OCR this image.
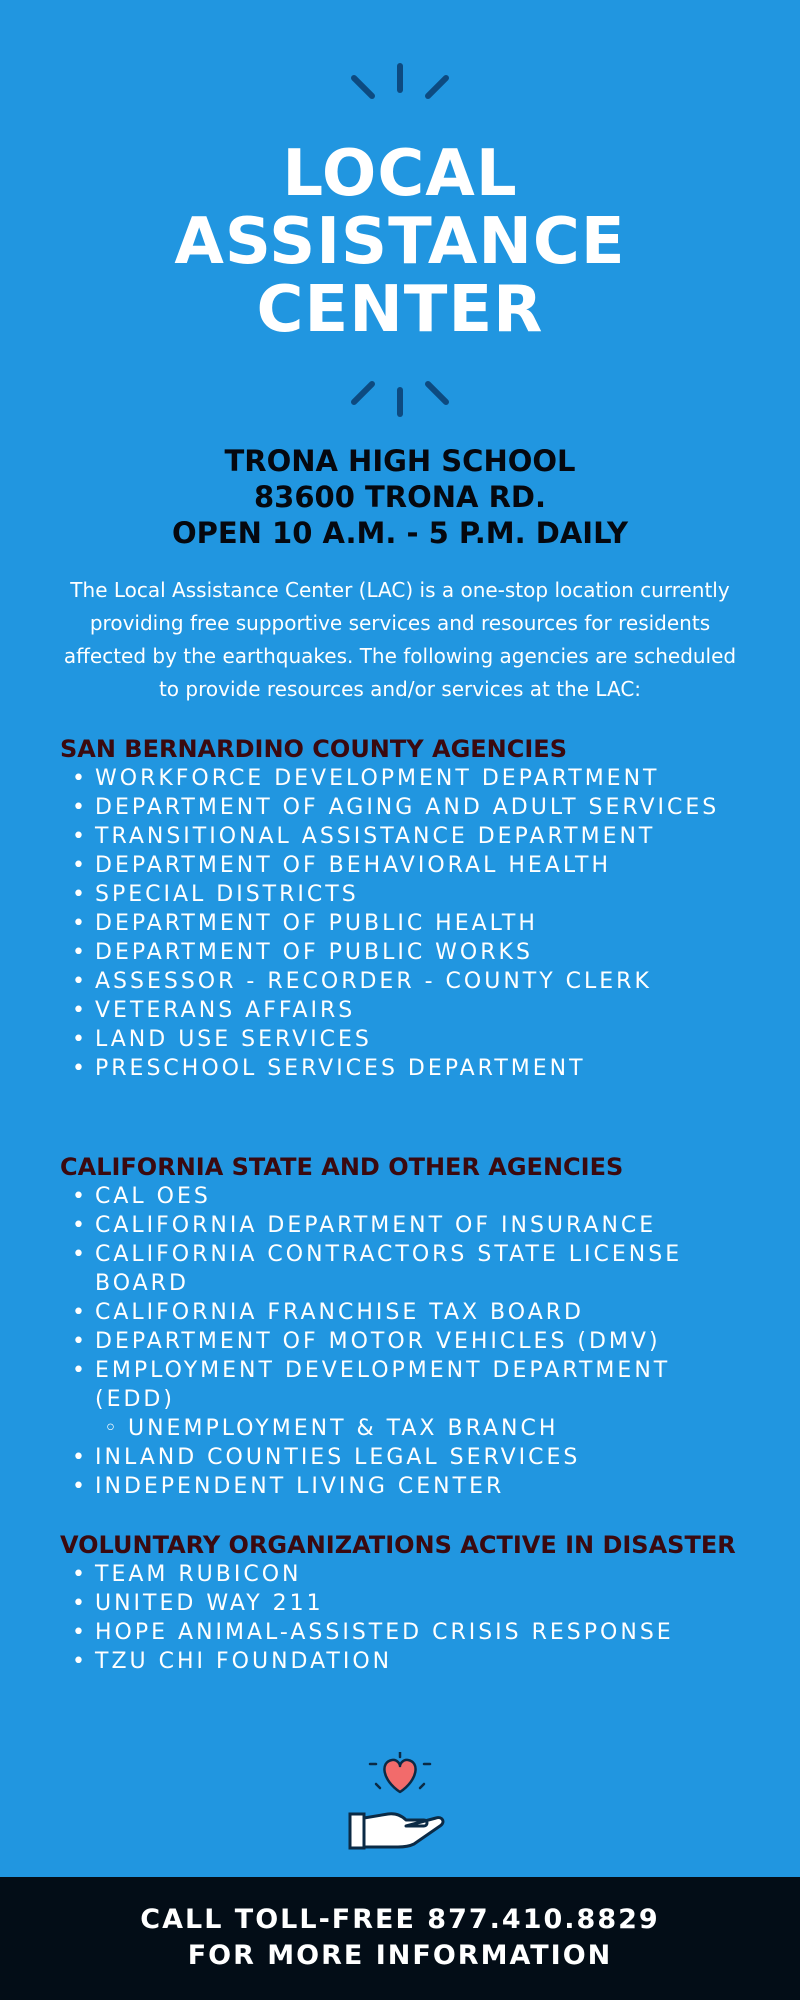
LOCAL
ASSISTANCE
CENTER
TRONA HIGH SCHOOL
83600 TRONA RD.
OPEN 10 A.M. - 5 P.M. DAILY
The Local Assistance Center (LAC) is a one-stop location currently providing free supportive services and resources for residents affected by the earthquakes. The following agencies are scheduled to provide resources and/or services at the LAC:
SAN BERNARDINO COUNTY AGENCIES
• WORKFORCE DEVELOPMENT DEPARTMENT
• DEPARTMENT OF AGING AND ADULT SERVICES
• TRANSITIONAL ASSISTANCE DEPARTMENT
• DEPARTMENT OF BEHAVIORAL HEALTH
• SPECIAL DISTRICTS
• DEPARTMENT OF PUBLIC HEALTH
• DEPARTMENT OF PUBLIC WORKS
• ASSESSOR - RECORDER - COUNTY CLERK
• VETERANS AFFAIRS
• LAND USE SERVICES
• PRESCHOOL SERVICES DEPARTMENT
CALIFORNIA STATE AND OTHER AGENCIES
• CAL OES
• CALIFORNIA DEPARTMENT OF INSURANCE
• CALIFORNIA CONTRACTORS STATE LICENSE BOARD
• CALIFORNIA FRANCHISE TAX BOARD
• DEPARTMENT OF MOTOR VEHICLES (DMV)
• EMPLOYMENT DEVELOPMENT DEPARTMENT (EDD)
◦ UNEMPLOYMENT & TAX BRANCH
• INLAND COUNTIES LEGAL SERVICES
• INDEPENDENT LIVING CENTER
VOLUNTARY ORGANIZATIONS ACTIVE IN DISASTER
• TEAM RUBICON
• UNITED WAY 211
• HOPE ANIMAL-ASSISTED CRISIS RESPONSE
• TZU CHI FOUNDATION
CALL TOLL-FREE 877.410.8829
FOR MORE INFORMATION
